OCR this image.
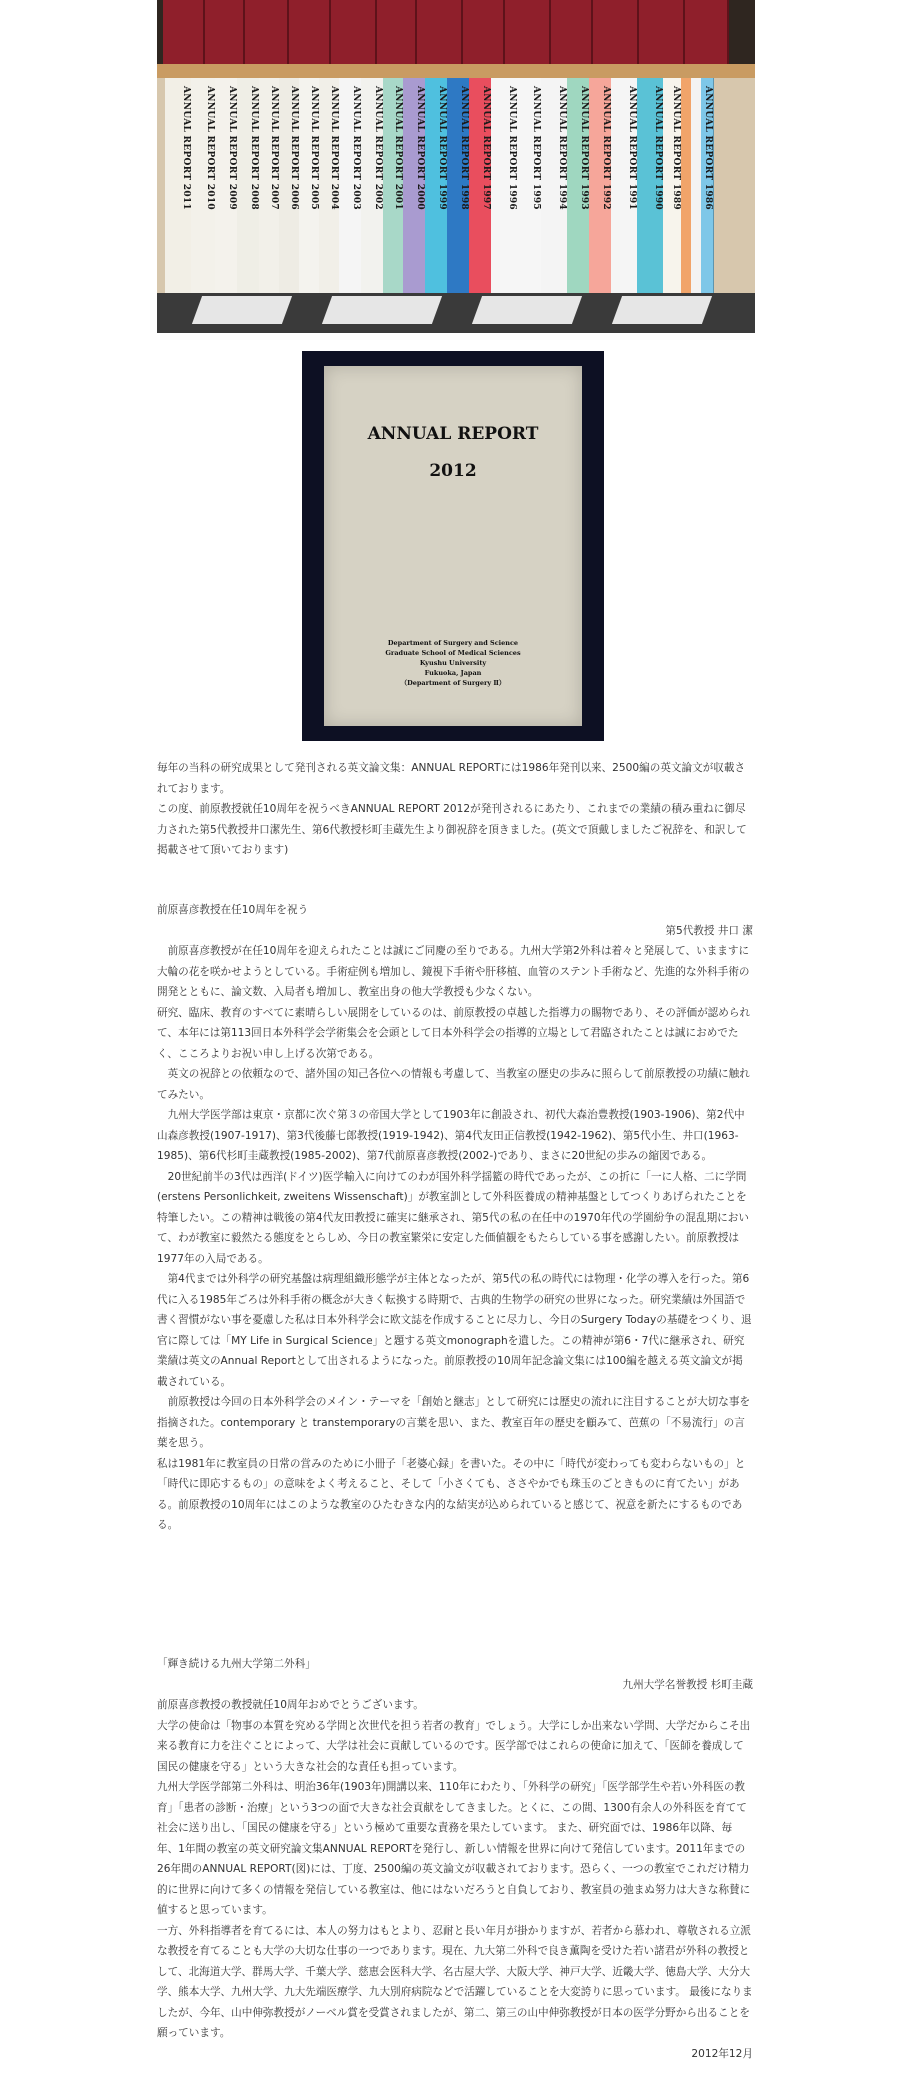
ANNUAL REPORT 2011	ANNUAL REPORT 2010	ANNUAL REPORT 2009	ANNUAL REPORT 2008	ANNUAL REPORT 2007	ANNUAL REPORT 2006	ANNUAL REPORT 2005	ANNUAL REPORT 2004	ANNUAL REPORT 2003	ANNUAL REPORT 2002	ANNUAL REPORT 2001	ANNUAL REPORT 2000	ANNUAL REPORT 1999	ANNUAL REPORT 1998	ANNUAL REPORT 1997	ANNUAL REPORT 1996	ANNUAL REPORT 1995	ANNUAL REPORT 1994	ANNUAL REPORT 1993	ANNUAL REPORT 1992	ANNUAL REPORT 1991	ANNUAL REPORT 1990 ANNUAL REPORT 1989 ANNUAL REPORT 1986
ANNUAL REPORT
2012
Department of Surgery and Science
Graduate School of Medical Sciences
Kyushu University
Fukuoka, Japan
（Department of Surgery Ⅱ）

毎年の当科の研究成果として発刊される英文論文集：ANNUAL REPORTには1986年発刊以来、2500編の英文論文が収載されております。

この度、前原教授就任10周年を祝うべきANNUAL REPORT 2012が発刊されるにあたり、これまでの業績の積み重ねに御尽力された第5代教授井口潔先生、第6代教授杉町圭蔵先生より御祝辞を頂きました。(英文で頂戴しましたご祝辞を、和訳して掲載させて頂いております)

前原喜彦教授在任10周年を祝う

第5代教授 井口 潔

前原喜彦教授が在任10周年を迎えられたことは誠にご同慶の至りである。九州大学第2外科は着々と発展して、いまますに大輪の花を咲かせようとしている。手術症例も増加し、鏡視下手術や肝移植、血管のステント手術など、先進的な外科手術の開発とともに、論文数、入局者も増加し、教室出身の他大学教授も少なくない。

研究、臨床、教育のすべてに素晴らしい展開をしているのは、前原教授の卓越した指導力の賜物であり、その評価が認められて、本年には第113回日本外科学会学術集会を会頭として日本外科学会の指導的立場として君臨されたことは誠におめでたく、こころよりお祝い申し上げる次第である。

英文の祝辞との依頼なので、諸外国の知己各位への情報も考慮して、当教室の歴史の歩みに照らして前原教授の功績に触れてみたい。

九州大学医学部は東京・京都に次ぐ第３の帝国大学として1903年に創設され、初代大森治豊教授(1903-1906)、第2代中山森彦教授(1907-1917)、第3代後藤七郎教授(1919-1942)、第4代友田正信教授(1942-1962)、第5代小生、井口(1963-1985)、第6代杉町圭蔵教授(1985-2002)、第7代前原喜彦教授(2002-)であり、まさに20世紀の歩みの縮図である。

20世紀前半の3代は西洋(ドイツ)医学輸入に向けてのわが国外科学揺籃の時代であったが、この折に「一に人格、二に学問(erstens Personlichkeit, zweitens Wissenschaft)」が教室訓として外科医養成の精神基盤としてつくりあげられたことを特筆したい。この精神は戦後の第4代友田教授に確実に継承され、第5代の私の在任中の1970年代の学園紛争の混乱期において、わが教室に毅然たる態度をとらしめ、今日の教室繁栄に安定した価値観をもたらしている事を感謝したい。前原教授は1977年の入局である。

第4代までは外科学の研究基盤は病理組織形態学が主体となったが、第5代の私の時代には物理・化学の導入を行った。第6代に入る1985年ごろは外科手術の概念が大きく転換する時期で、古典的生物学の研究の世界になった。研究業績は外国語で書く習慣がない事を憂慮した私は日本外科学会に欧文誌を作成することに尽力し、今日のSurgery Todayの基礎をつくり、退官に際しては「MY Life in Surgical Science」と題する英文monographを遺した。この精神が第6・7代に継承され、研究業績は英文のAnnual Reportとして出されるようになった。前原教授の10周年記念論文集には100編を越える英文論文が掲載されている。

前原教授は今回の日本外科学会のメイン・テーマを「創始と継志」として研究には歴史の流れに注目することが大切な事を指摘された。contemporary と transtemporaryの言葉を思い、また、教室百年の歴史を顧みて、芭蕉の「不易流行」の言葉を思う。

私は1981年に教室員の日常の営みのために小冊子「老婆心録」を書いた。その中に「時代が変わっても変わらないもの」と「時代に即応するもの」の意味をよく考えること、そして「小さくても、ささやかでも珠玉のごときものに育てたい」がある。前原教授の10周年にはこのような教室のひたむきな内的な結実が込められていると感じて、祝意を新たにするものである。

「輝き続ける九州大学第二外科」

九州大学名誉教授 杉町圭蔵

前原喜彦教授の教授就任10周年おめでとうございます。

大学の使命は「物事の本質を究める学問と次世代を担う若者の教育」でしょう。大学にしか出来ない学問、大学だからこそ出来る教育に力を注ぐことによって、大学は社会に貢献しているのです。医学部ではこれらの使命に加えて、「医師を養成して国民の健康を守る」という大きな社会的な責任も担っています。

九州大学医学部第二外科は、明治36年(1903年)開講以来、110年にわたり、「外科学の研究」「医学部学生や若い外科医の教育」「患者の診断・治療」という3つの面で大きな社会貢献をしてきました。とくに、この間、1300有余人の外科医を育てて社会に送り出し、「国民の健康を守る」という極めて重要な責務を果たしています。 また、研究面では、1986年以降、毎年、1年間の教室の英文研究論文集ANNUAL REPORTを発行し、新しい情報を世界に向けて発信しています。2011年までの26年間のANNUAL REPORT(図)には、丁度、2500編の英文論文が収載されております。恐らく、一つの教室でこれだけ精力的に世界に向けて多くの情報を発信している教室は、他にはないだろうと自負しており、教室員の弛まぬ努力は大きな称賛に値すると思っています。

一方、外科指導者を育てるには、本人の努力はもとより、忍耐と長い年月が掛かりますが、若者から慕われ、尊敬される立派な教授を育てることも大学の大切な仕事の一つであります。現在、九大第二外科で良き薫陶を受けた若い諸君が外科の教授として、北海道大学、群馬大学、千葉大学、慈恵会医科大学、名古屋大学、大阪大学、神戸大学、近畿大学、徳島大学、大分大学、熊本大学、九州大学、九大先端医療学、九大別府病院などで活躍していることを大変誇りに思っています。 最後になりましたが、今年、山中伸弥教授がノーベル賞を受賞されましたが、第二、第三の山中伸弥教授が日本の医学分野から出ることを願っています。

2012年12月
